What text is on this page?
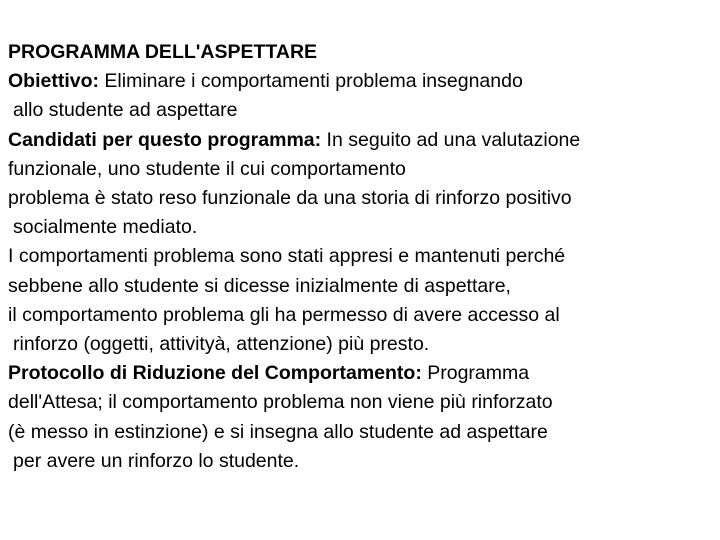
PROGRAMMA DELL'ASPETTARE
Obiettivo: Eliminare i comportamenti problema insegnando
allo studente ad aspettare
Candidati per questo programma: In seguito ad una valutazione
funzionale, uno studente il cui comportamento
problema è stato reso funzionale da una storia di rinforzo positivo
socialmente mediato.
I comportamenti problema sono stati appresi e mantenuti perché
sebbene allo studente si dicesse inizialmente di aspettare,
il comportamento problema gli ha permesso di avere accesso al
rinforzo (oggetti, attivityà, attenzione) più presto.
Protocollo di Riduzione del Comportamento: Programma
dell'Attesa; il comportamento problema non viene più rinforzato
(è messo in estinzione) e si insegna allo studente ad aspettare
per avere un rinforzo lo studente.
